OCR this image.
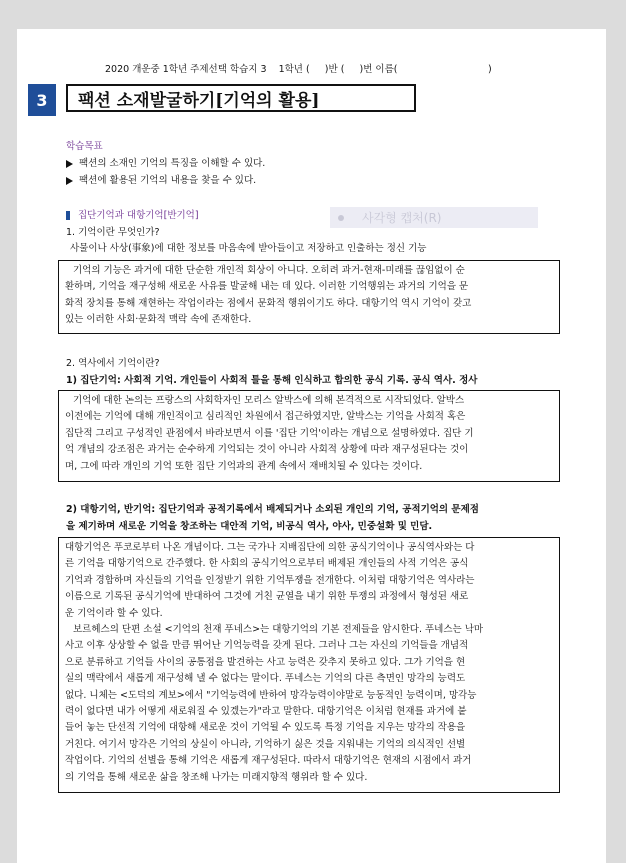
2020 개운중 1학년 주제선택 학습지 3    1학년 (     )반 (     )번 이름(                              )
3	팩션 소재발굴하기[기억의 활용]
학습목표
팩션의 소재인 기억의 특징을 이해할 수 있다.
팩션에 활용된 기억의 내용을 찾을 수 있다.
집단기억과 대항기억[반기억]	사각형 캡처(R)
1. 기억이란 무엇인가?
사물이나 사상(事象)에 대한 정보를 마음속에 받아들이고 저장하고 인출하는 정신 기능

기억의 기능은 과거에 대한 단순한 개인적 회상이 아니다. 오히려 과거-현재-미래를 끊임없이 순

환하며, 기억을 재구성해 새로운 사유를 발굴해 내는 데 있다. 이러한 기억행위는 과거의 기억을 문

화적 장치를 통해 재현하는 작업이라는 점에서 문화적 행위이기도 하다. 대항기억 역시 기억이 갖고

있는 이러한 사회·문화적 맥락 속에 존재한다.

2. 역사에서 기억이란?
1) 집단기억: 사회적 기억. 개인들이 사회적 틀을 통해 인식하고 합의한 공식 기록. 공식 역사. 정사

기억에 대한 논의는 프랑스의 사회학자인 모리스 알박스에 의해 본격적으로 시작되었다. 알박스

이전에는 기억에 대해 개인적이고 심리적인 차원에서 접근하였지만, 알박스는 기억을 사회적 혹은

집단적 그리고 구성적인 관점에서 바라보면서 이를 '집단 기억'이라는 개념으로 설명하였다. 집단 기

억 개념의 강조점은 과거는 순수하게 기억되는 것이 아니라 사회적 상황에 따라 재구성된다는 것이

며, 그에 따라 개인의 기억 또한 집단 기억과의 관계 속에서 재배치될 수 있다는 것이다.

2) 대항기억, 반기억: 집단기억과 공적기록에서 배제되거나 소외된 개인의 기억, 공적기억의 문제점
을 제기하며 새로운 기억을 창조하는 대안적 기억, 비공식 역사, 야사, 민중설화 및 민담.

대항기억은 푸코로부터 나온 개념이다. 그는 국가나 지배집단에 의한 공식기억이나 공식역사와는 다

른 기억을 대항기억으로 간주했다. 한 사회의 공식기억으로부터 배제된 개인들의 사적 기억은 공식

기억과 경합하며 자신들의 기억을 인정받기 위한 기억투쟁을 전개한다. 이처럼 대항기억은 역사라는

이름으로 기록된 공식기억에 반대하여 그것에 거친 균열을 내기 위한 투쟁의 과정에서 형성된 새로

운 기억이라 할 수 있다.

보르헤스의 단편 소설 <기억의 천재 푸네스>는 대항기억의 기본 전제들을 암시한다. 푸네스는 낙마

사고 이후 상상할 수 없을 만큼 뛰어난 기억능력을 갖게 된다. 그러나 그는 자신의 기억들을 개념적

으로 분류하고 기억들 사이의 공통점을 발견하는 사고 능력은 갖추지 못하고 있다. 그가 기억을 현

실의 맥락에서 새롭게 재구성해 낼 수 없다는 말이다. 푸네스는 기억의 다른 측면인 망각의 능력도

없다. 니체는 <도덕의 계보>에서 "기억능력에 반하여 망각능력이야말로 능동적인 능력이며, 망각능

력이 없다면 내가 어떻게 새로워질 수 있겠는가"라고 말한다. 대항기억은 이처럼 현재를 과거에 붙

들어 놓는 단선적 기억에 대항해 새로운 것이 기억될 수 있도록 특정 기억을 지우는 망각의 작용을

거친다. 여기서 망각은 기억의 상실이 아니라, 기억하기 싫은 것을 지워내는 기억의 의식적인 선별

작업이다. 기억의 선별을 통해 기억은 새롭게 재구성된다. 따라서 대항기억은 현재의 시점에서 과거

의 기억을 통해 새로운 삶을 창조해 나가는 미래지향적 행위라 할 수 있다.
